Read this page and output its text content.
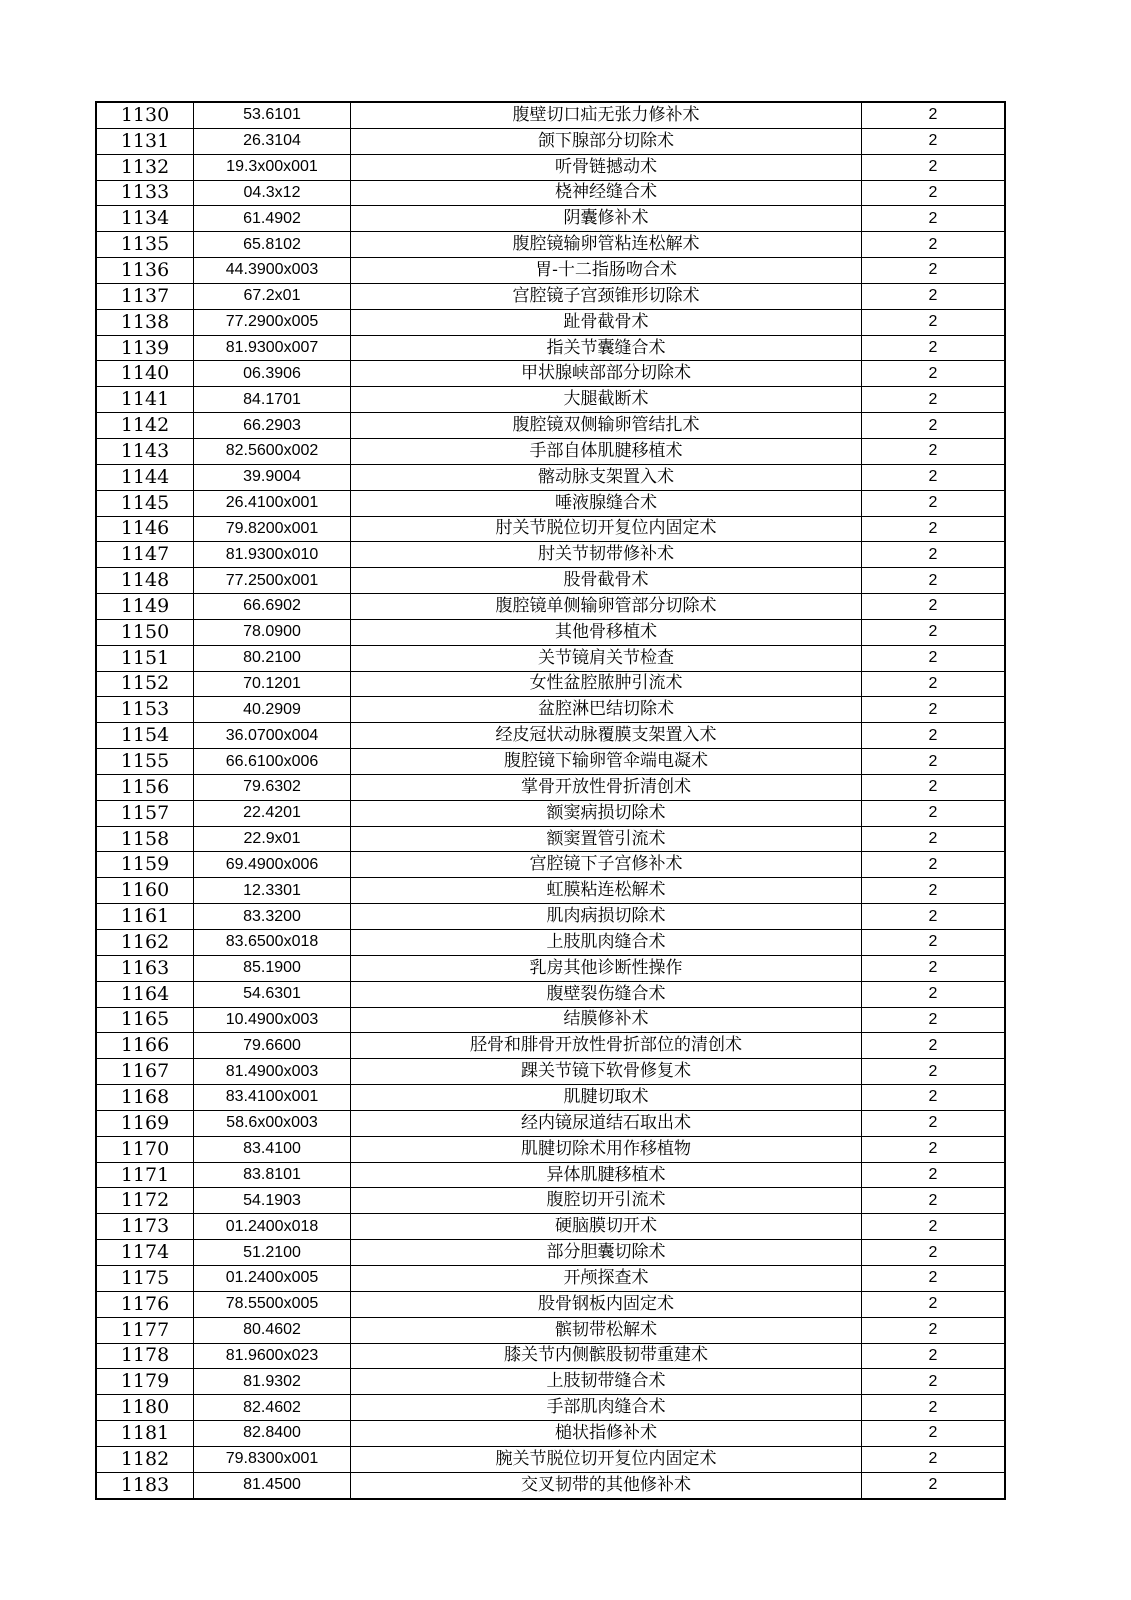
1130	53.6101	腹壁切口疝无张力修补术	2
1131	26.3104	颌下腺部分切除术	2
1132	19.3x00x001	听骨链撼动术	2
1133	04.3x12	桡神经缝合术	2
1134	61.4902	阴囊修补术	2
1135	65.8102	腹腔镜输卵管粘连松解术	2
1136	44.3900x003	胃-十二指肠吻合术	2
1137	67.2x01	宫腔镜子宫颈锥形切除术	2
1138	77.2900x005	趾骨截骨术	2
1139	81.9300x007	指关节囊缝合术	2
1140	06.3906	甲状腺峡部部分切除术	2
1141	84.1701	大腿截断术	2
1142	66.2903	腹腔镜双侧输卵管结扎术	2
1143	82.5600x002	手部自体肌腱移植术	2
1144	39.9004	髂动脉支架置入术	2
1145	26.4100x001	唾液腺缝合术	2
1146	79.8200x001	肘关节脱位切开复位内固定术	2
1147	81.9300x010	肘关节韧带修补术	2
1148	77.2500x001	股骨截骨术	2
1149	66.6902	腹腔镜单侧输卵管部分切除术	2
1150	78.0900	其他骨移植术	2
1151	80.2100	关节镜肩关节检查	2
1152	70.1201	女性盆腔脓肿引流术	2
1153	40.2909	盆腔淋巴结切除术	2
1154	36.0700x004	经皮冠状动脉覆膜支架置入术	2
1155	66.6100x006	腹腔镜下输卵管伞端电凝术	2
1156	79.6302	掌骨开放性骨折清创术	2
1157	22.4201	额窦病损切除术	2
1158	22.9x01	额窦置管引流术	2
1159	69.4900x006	宫腔镜下子宫修补术	2
1160	12.3301	虹膜粘连松解术	2
1161	83.3200	肌肉病损切除术	2
1162	83.6500x018	上肢肌肉缝合术	2
1163	85.1900	乳房其他诊断性操作	2
1164	54.6301	腹壁裂伤缝合术	2
1165	10.4900x003	结膜修补术	2
1166	79.6600	胫骨和腓骨开放性骨折部位的清创术	2
1167	81.4900x003	踝关节镜下软骨修复术	2
1168	83.4100x001	肌腱切取术	2
1169	58.6x00x003	经内镜尿道结石取出术	2
1170	83.4100	肌腱切除术用作移植物	2
1171	83.8101	异体肌腱移植术	2
1172	54.1903	腹腔切开引流术	2
1173	01.2400x018	硬脑膜切开术	2
1174	51.2100	部分胆囊切除术	2
1175	01.2400x005	开颅探查术	2
1176	78.5500x005	股骨钢板内固定术	2
1177	80.4602	髌韧带松解术	2
1178	81.9600x023	膝关节内侧髌股韧带重建术	2
1179	81.9302	上肢韧带缝合术	2
1180	82.4602	手部肌肉缝合术	2
1181	82.8400	槌状指修补术	2
1182	79.8300x001	腕关节脱位切开复位内固定术	2
1183	81.4500	交叉韧带的其他修补术	2
